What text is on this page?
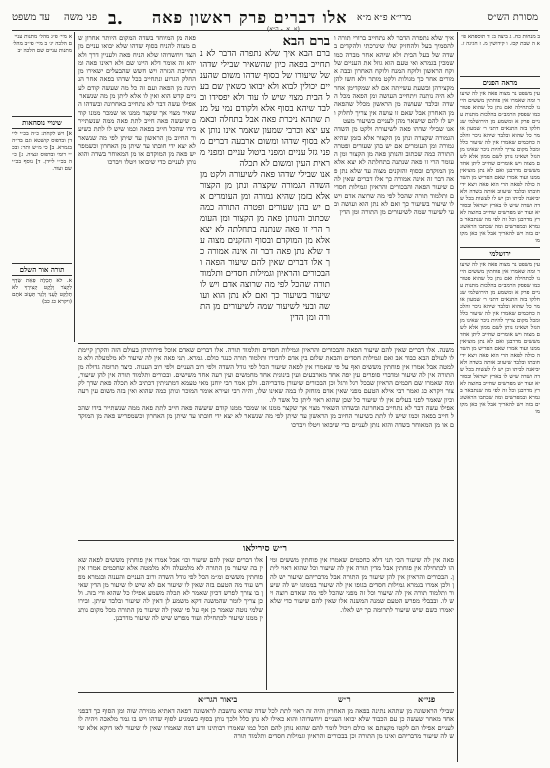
עד משפט	אלו דברים פרק ראשון פאה
ב.
פני משה	מרי״א פ״א מ״א	מסורת הש״ס
א מיי׳ פ״ג מהל׳ מתנות עניים הלכה יג׳ ב מיי׳ פי״ב מהל׳ מתנות עניים שם הלכה יב
שינויי נוסחאות
א] ויש לקחת: כ״ה בכ״י ליידן ובדפוס קושטא וגם בד״ה בגמרא. ב] כי מ״ש ותר: ובכ״י רומי ובדפוס ונציה. ג] כ״ה בכ״י ליידן. ד] נוסף בכ״י שם ועוד.
תורה אור השלם
א. לֹא תְכַלֶּה פְּאַת שָׂדְךָ לִקְצֹר וְלֶקֶט קְצִירְךָ לֹא תְלַקֵּט לֶעָנִי וְלַגֵּר תַּעֲזֹב אֹתָם (ויקרא כג כב)
פאה מן המיוחד בשדה המקום היותר אחרון שם מצוה להניח בסוף שדהו שלא יבואו עניים מן הצד ויחשדוהו שלא הניח פאה ולעניין דרך ולא יהא זה אומר דלא היינו שם ולא ראינו פאה ומתחייבת הגזרה ויש חשש שהבעלים ישאירו מן החלק הגרוע ונתחייב בכל שדהו בפאה אחר הנתינה מן הפאה ועם זה כל מה שעשה קודם לעניים קדש הוא ואין לו אלא ליתן מן מה שנשאר
אפילו עשה דבר לא נתחייב באחרונה ובשדהו השאיר מצוי אך שקצר ממנו או שמכר ממנו קודם שיעשה פאה חייב לתת פאה ממה שנשתייר בידו שהכל חייב בפאה וכמו שיש לו לתת כשיעור החיוב מן הראשון עד שיתן לפי מה שנשאר לא יצא ידי חובתו עד שיתן מן האחרון וכשמפריש פאה מן המוקדם או מן המאוחר בשדה והוא נותן לעניים כדי שיבואו ויטלו ויברכו
ברם הבא
ברם הבא איך שלא נתפרה הדבר לא נתחייב בפאה כיון שהשאיר שבילי שדהו של שיעורו של בסוף שדהו משום שהעניים יכולין לבוא ולא יבואו כשאין שם בעל הבית מצוי שיש לו עוד ולא יפסידו ובלבד שיהא בסוף אלא ולקודם נמי על מנת שתהא ניכרת פאה אבל בתחלה ובאמצע יצא וכרבי שמעון שאמר אינו נותן אלא בסוף שדהו ומשום ארבעה דברים מפני גזל עניים ומפני ביטול עניים ומפני מראית העין ומשום לא תכלה
אנו שבילי שדהו פאה לשיעורה ולקט מן השדה הגמורה שקצרה ונתן מן הקצור אלא בזמן שהיא גמורה ומן העומרים אם יש בהן שעורים ופטרה התורה כמה שכתוב והנותן פאה מן הקצור ומן העומר הרי זו פאה שנתנה בתחלתה לא יצא אלא מן המוקדם ובסוף והזקנים מצוה עד שלא נתן פאה דבר זה אינה אמורה כך אלו דברים שאין להם שיעור הפאה והבכורים והראיון וגמילות חסדים ותלמוד תורה שהכל לפי מה שרוצה אדם ויש לו שיעור בשיעור כך ואם לא נתן הוא ועושה ובעי לשיעור שמה לשיעורים מן התורה ומן הדין
איך שלא נתפרה הדבר לא נתחייב ברורי תורה ולהסמיך בעל ולהחזיק שלו שינרכתי ולהקדים בשדה של בעל הבית ולא שיהא אחר מברה כמו שמכין בגמרא ואי טעם הוא גוזל את העניים שלוקח הראשון ולוקח המנח ולוקח האחרון ובבה אמורים אחר כך מגולות ולקט מותר ולא חשו להן מקצירהן ובשעת עשייתה אם לא שמקדימן אחר לא היה נותנה ויתחייב העושה ומן הפאה מכל השדה ובלבד שעושה מן הראשון מכלל שהפאה מן האחרון אבל שאם זו עושה אין צריך לחלוק ויש לו להם שישאר מהן לעניים כשיעור מעט
אנו שבילי שדהו פאה לשיעורה ולקט מן השדה הגמורה שקצרה ונתן מן הקצור אלא בזמן שהיא גמורה ומן העומרים אם יש בהן שעורים ופטרה התורה כמה שכתוב והנותן פאה מן הקצור ומן העומר הרי זו פאה שנתנה בתחלתה לא יצא אלא מן המוקדם ובסוף והזקנים מצוה עד שלא נתן פאה דבר זה אינה אמורה כך אלו דברים שאין להם שיעור הפאה והבכורים והראיון וגמילות חסדים ותלמוד תורה שהכל לפי מה שרוצה אדם ויש לו שיעור בשיעור כך ואם לא נתן הוא ועושה ובעי לשיעור שמה לשיעורים מן התורה ומן הדין
משנה. אלו דברים שאין להם שיעור הפאה והבכורים והראיון וגמילות חסדים ותלמוד תורה. אלו דברים שאדם אוכל פירותיהן בעולם הזה והקרן קיימת לו לעולם הבא כבוד אב ואם וגמילות חסדים והבאת שלום בין אדם לחבירו ותלמוד תורה כנגד כולם. גמרא. תני פאה אין לה שיעור לא מלמעלה ולא מלמטה אבל אמרו אין פוחתין מששים ואף על פי שאמרו אין לפאה שיעור הכל לפי גודל השדה ולפי רוב העניים ולפי רוב הענוה. כיצד תרומה גדולה מן התורה אין לה שיעור ומדברי סופרים עין יפה אחד מארבעים ועין בינונית אחד מחמשים ועין רעה אחד משישים. ובכורים ותלמוד תורה אין להן שיעור, ומה שאמרו שם חכמים הראיון שבכל רגל ורגל וכן הבכורים שיעורן מדבריהם. ולכן אמר רבי יוחנן מאי טעמא דמתניתין דכתיב לא תכלה פאת שדך לקצור ויקרא כג ואמר רבי אילא הטעם מפני שאין אדם מוחזק לו במה שאינו שלו, והיה רבי זעירא אומר המוכר ונותן כמה שהוא ואין בזה משום עין רעה וכיון שאמר לפני בעלים אין לו שיעור כל שכן שהוא ראוי ליתן כל אשר לו.
אפילו עשה דבר לא נתחייב באחרונה ובשדהו השאיר מצוי אך שקצר ממנו או שמכר ממנו קודם שיעשה פאה חייב לתת פאה ממה שנשתייר בידו שהכל חייב בפאה וכמו שיש לו לתת כשיעור החיוב מן הראשון עד שיתן לפי מה שנשאר לא יצא ידי חובתו עד שיתן מן האחרון וכשמפריש פאה מן המוקדם או מן המאוחר בשדה והוא נותן לעניים כדי שיבואו ויטלו ויברכו
ר״ש סירילאו
אלו דברים שאין להם שיעור וכו׳ אבל אמרו אין פוחתין מששים לפאה שאין בה שיעור מן התורה לא מלמעלה ולא מלמטה אלא שחכמים אמרו אין פוחתין מששים ומ״מ הכל לפי גודל השדה ורוב העניים והענוה ובגמרא מפרש עוד מה הטעם בזה שאין לו שיעור אם לא שיש לו שיעור מן הדין שאין בו צורך לפרש דכיון שאמר לא תכלה משמע אפילו כל שהוא ודי בזה. ולכן צריך לומר שהמשנה דקא משמע לן דאין לה שיעור ובלבד שיתן. ובירושלמי נוטה שאמר כן אף על פי שאין לה שיעור מן התורה מכל מקום נותנין ממנו שיעור לכתחילה ועוד מפרש שיש לה שיעור מדרבנן.
פאה אין לה שיעור הכי תני דלא כחכמים שאמרו אין פוחתין מששים ומיהו לכתחילה אין פוחתין אבל מדין תורה אין לה שיעור וכל שהוא ראוי ליתן. הבכורים והראיון אין להן שיעור מן התורה אבל מדבריהם שיעור יש להן ולכן אמרו בגמרא גמילות חסדים בגופו אין לה שיעור בממונו יש לה שיעור ותלמוד תורה אין לה שיעור וכל זה מפני שהכל לפי מה שאדם רוצה ויש לו. ובבבלי מפרש הטעם שמנה המשנה אלו שאין להם שיעור כדי שלא יאמרו כשם שיש שיעור לתרומה כך יש לאלו.
ביאור הגר״א	ר״ש	פני״א
שבילי הראשונה מן שתהא נתינה בפאה מן האחרון והיה זה ראוי לתת לכל שדה שהיא נחשבת לראשונה דפאה דאתיא מגזירה שוה ומן הסוף כך דבפני אחד מאחר שעשה כן עם הכבוד שלא יבואו העניים ויחשדוהו והוא כאילו לא נתן כלל ולכך נותן בסוף כשמגיע לסוף שדהו ויש בו גמר מלאכה ויהיה לו לעניים אפילו הם לקטו מקצתם או כולם ויכול לומר להם שהוא נותן להם הכל כמו שאמרו רבותינו ודע דמה שאמרו שאין לו שיעור לאו דוקא אלא שיש לה שיעור מדבריהם ואינו מן התורה וכן בבכורים והראיון וגמילות חסדים ותלמוד תורה
ב מנחות כח. ג ביצה ב: ד תוספתא פ״א ה שבת קכז. ו קידושין מ. ז חגיגה ז.
מראה הפנים
עין משפט נר מצוה פאה אין לה שיעור ומה שאמרו אין פוחתין מששים היינו לכתחילה ואם נתן כל שהוא פטור כמו שפסק הרמב״ם בהלכות מתנות עניים פרק א ומשמע מן הירושלמי שנחלקו בזה התנאים דתני ר׳ שמעון אומר כל שהוא ובלבד שיהא ניכר והלכה כחכמים שאמרו אין לה שיעור כלל ומכל מקום צריך להיות ניכר שאינו מן הגזל ושאינו נותן לשם ממון אלא לשם מצוה ויש אומרים שחייב ליתן אחד מששים מדרבנן ואם לא נתן מוציאין ממנו ועוד אמרו שאם הפריש מן השדה כולה לפאה הרי הוא פאה ויצא ידי חובתו ובלבד שיעזוב אותה בשדה ולא יביאנה לביתו וכן יש לו לעשות בכל שדה ושדה שיש לו בארץ ישראל ובסוריא ועוד יש מפרשים שחייב בחוצה לארץ מדרבנן וכל זה לפי מה שנתבאר בגמרא ובמפרשים ומה שכתבו הראשונים בזה ויש להאריך אבל אין כאן מקומו
ירושלמי
עין משפט נר מצוה פאה אין לה שיעור ומה שאמרו אין פוחתין מששים היינו לכתחילה ואם נתן כל שהוא פטור כמו שפסק הרמב״ם בהלכות מתנות עניים פרק א ומשמע מן הירושלמי שנחלקו בזה התנאים דתני ר׳ שמעון אומר כל שהוא ובלבד שיהא ניכר והלכה כחכמים שאמרו אין לה שיעור כלל ומכל מקום צריך להיות ניכר שאינו מן הגזל ושאינו נותן לשם ממון אלא לשם מצוה ויש אומרים שחייב ליתן אחד מששים מדרבנן ואם לא נתן מוציאין ממנו ועוד אמרו שאם הפריש מן השדה כולה לפאה הרי הוא פאה ויצא ידי חובתו ובלבד שיעזוב אותה בשדה ולא יביאנה לביתו וכן יש לו לעשות בכל שדה ושדה שיש לו בארץ ישראל ובסוריא ועוד יש מפרשים שחייב בחוצה לארץ מדרבנן וכל זה לפי מה שנתבאר בגמרא ובמפרשים ומה שכתבו הראשונים בזה ויש להאריך אבל אין כאן מקומו
